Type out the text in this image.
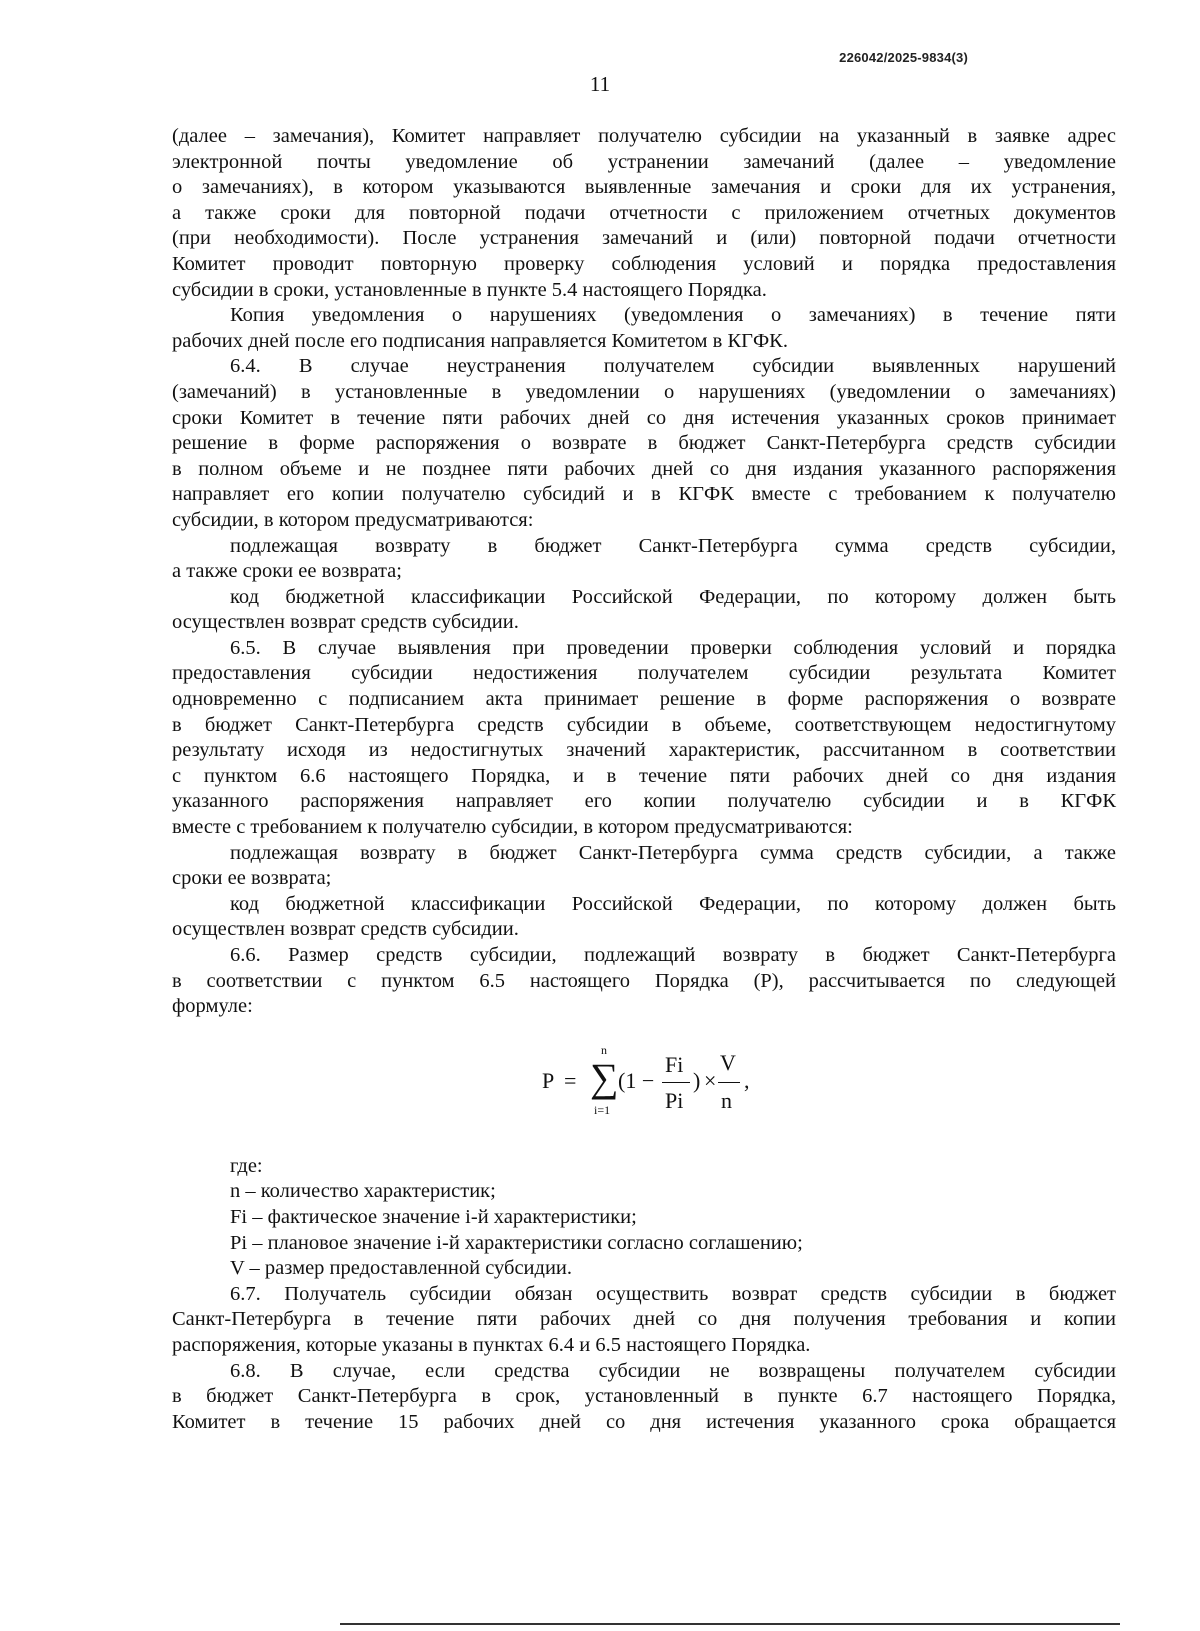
226042/2025-9834(3)
11

(далее – замечания), Комитет направляет получателю субсидии на указанный в заявке адрес

электронной почты уведомление об устранении замечаний (далее – уведомление

о замечаниях), в котором указываются выявленные замечания и сроки для их устранения,

а также сроки для повторной подачи отчетности с приложением отчетных документов

(при необходимости). После устранения замечаний и (или) повторной подачи отчетности

Комитет проводит повторную проверку соблюдения условий и порядка предоставления

субсидии в сроки, установленные в пункте 5.4 настоящего Порядка.

Копия уведомления о нарушениях (уведомления о замечаниях) в течение пяти

рабочих дней после его подписания направляется Комитетом в КГФК.

6.4. В случае неустранения получателем субсидии выявленных нарушений

(замечаний) в установленные в уведомлении о нарушениях (уведомлении о замечаниях)

сроки Комитет в течение пяти рабочих дней со дня истечения указанных сроков принимает

решение в форме распоряжения о возврате в бюджет Санкт-Петербурга средств субсидии

в полном объеме и не позднее пяти рабочих дней со дня издания указанного распоряжения

направляет его копии получателю субсидий и в КГФК вместе с требованием к получателю

субсидии, в котором предусматриваются:

подлежащая возврату в бюджет Санкт-Петербурга сумма средств субсидии,

а также сроки ее возврата;

код бюджетной классификации Российской Федерации, по которому должен быть

осуществлен возврат средств субсидии.

6.5. В случае выявления при проведении проверки соблюдения условий и порядка

предоставления субсидии недостижения получателем субсидии результата Комитет

одновременно с подписанием акта принимает решение в форме распоряжения о возврате

в бюджет Санкт-Петербурга средств субсидии в объеме, соответствующем недостигнутому

результату исходя из недостигнутых значений характеристик, рассчитанном в соответствии

с пунктом 6.6 настоящего Порядка, и в течение пяти рабочих дней со дня издания

указанного распоряжения направляет его копии получателю субсидии и в КГФК

вместе с требованием к получателю субсидии, в котором предусматриваются:

подлежащая возврату в бюджет Санкт-Петербурга сумма средств субсидии, а также

сроки ее возврата;

код бюджетной классификации Российской Федерации, по которому должен быть

осуществлен возврат средств субсидии.

6.6. Размер средств субсидии, подлежащий возврату в бюджет Санкт-Петербурга

в соответствии с пунктом 6.5 настоящего Порядка (P), рассчитывается по следующей

формуле:

P =
n
∑
i=1
(1 −
Fi
Pi
) ×
V
n
,

где:

n – количество характеристик;

Fi – фактическое значение i-й характеристики;

Pi – плановое значение i-й характеристики согласно соглашению;

V – размер предоставленной субсидии.

6.7. Получатель субсидии обязан осуществить возврат средств субсидии в бюджет

Санкт-Петербурга в течение пяти рабочих дней со дня получения требования и копии

распоряжения, которые указаны в пунктах 6.4 и 6.5 настоящего Порядка.

6.8. В случае, если средства субсидии не возвращены получателем субсидии

в бюджет Санкт-Петербурга в срок, установленный в пункте 6.7 настоящего Порядка,

Комитет в течение 15 рабочих дней со дня истечения указанного срока обращается
